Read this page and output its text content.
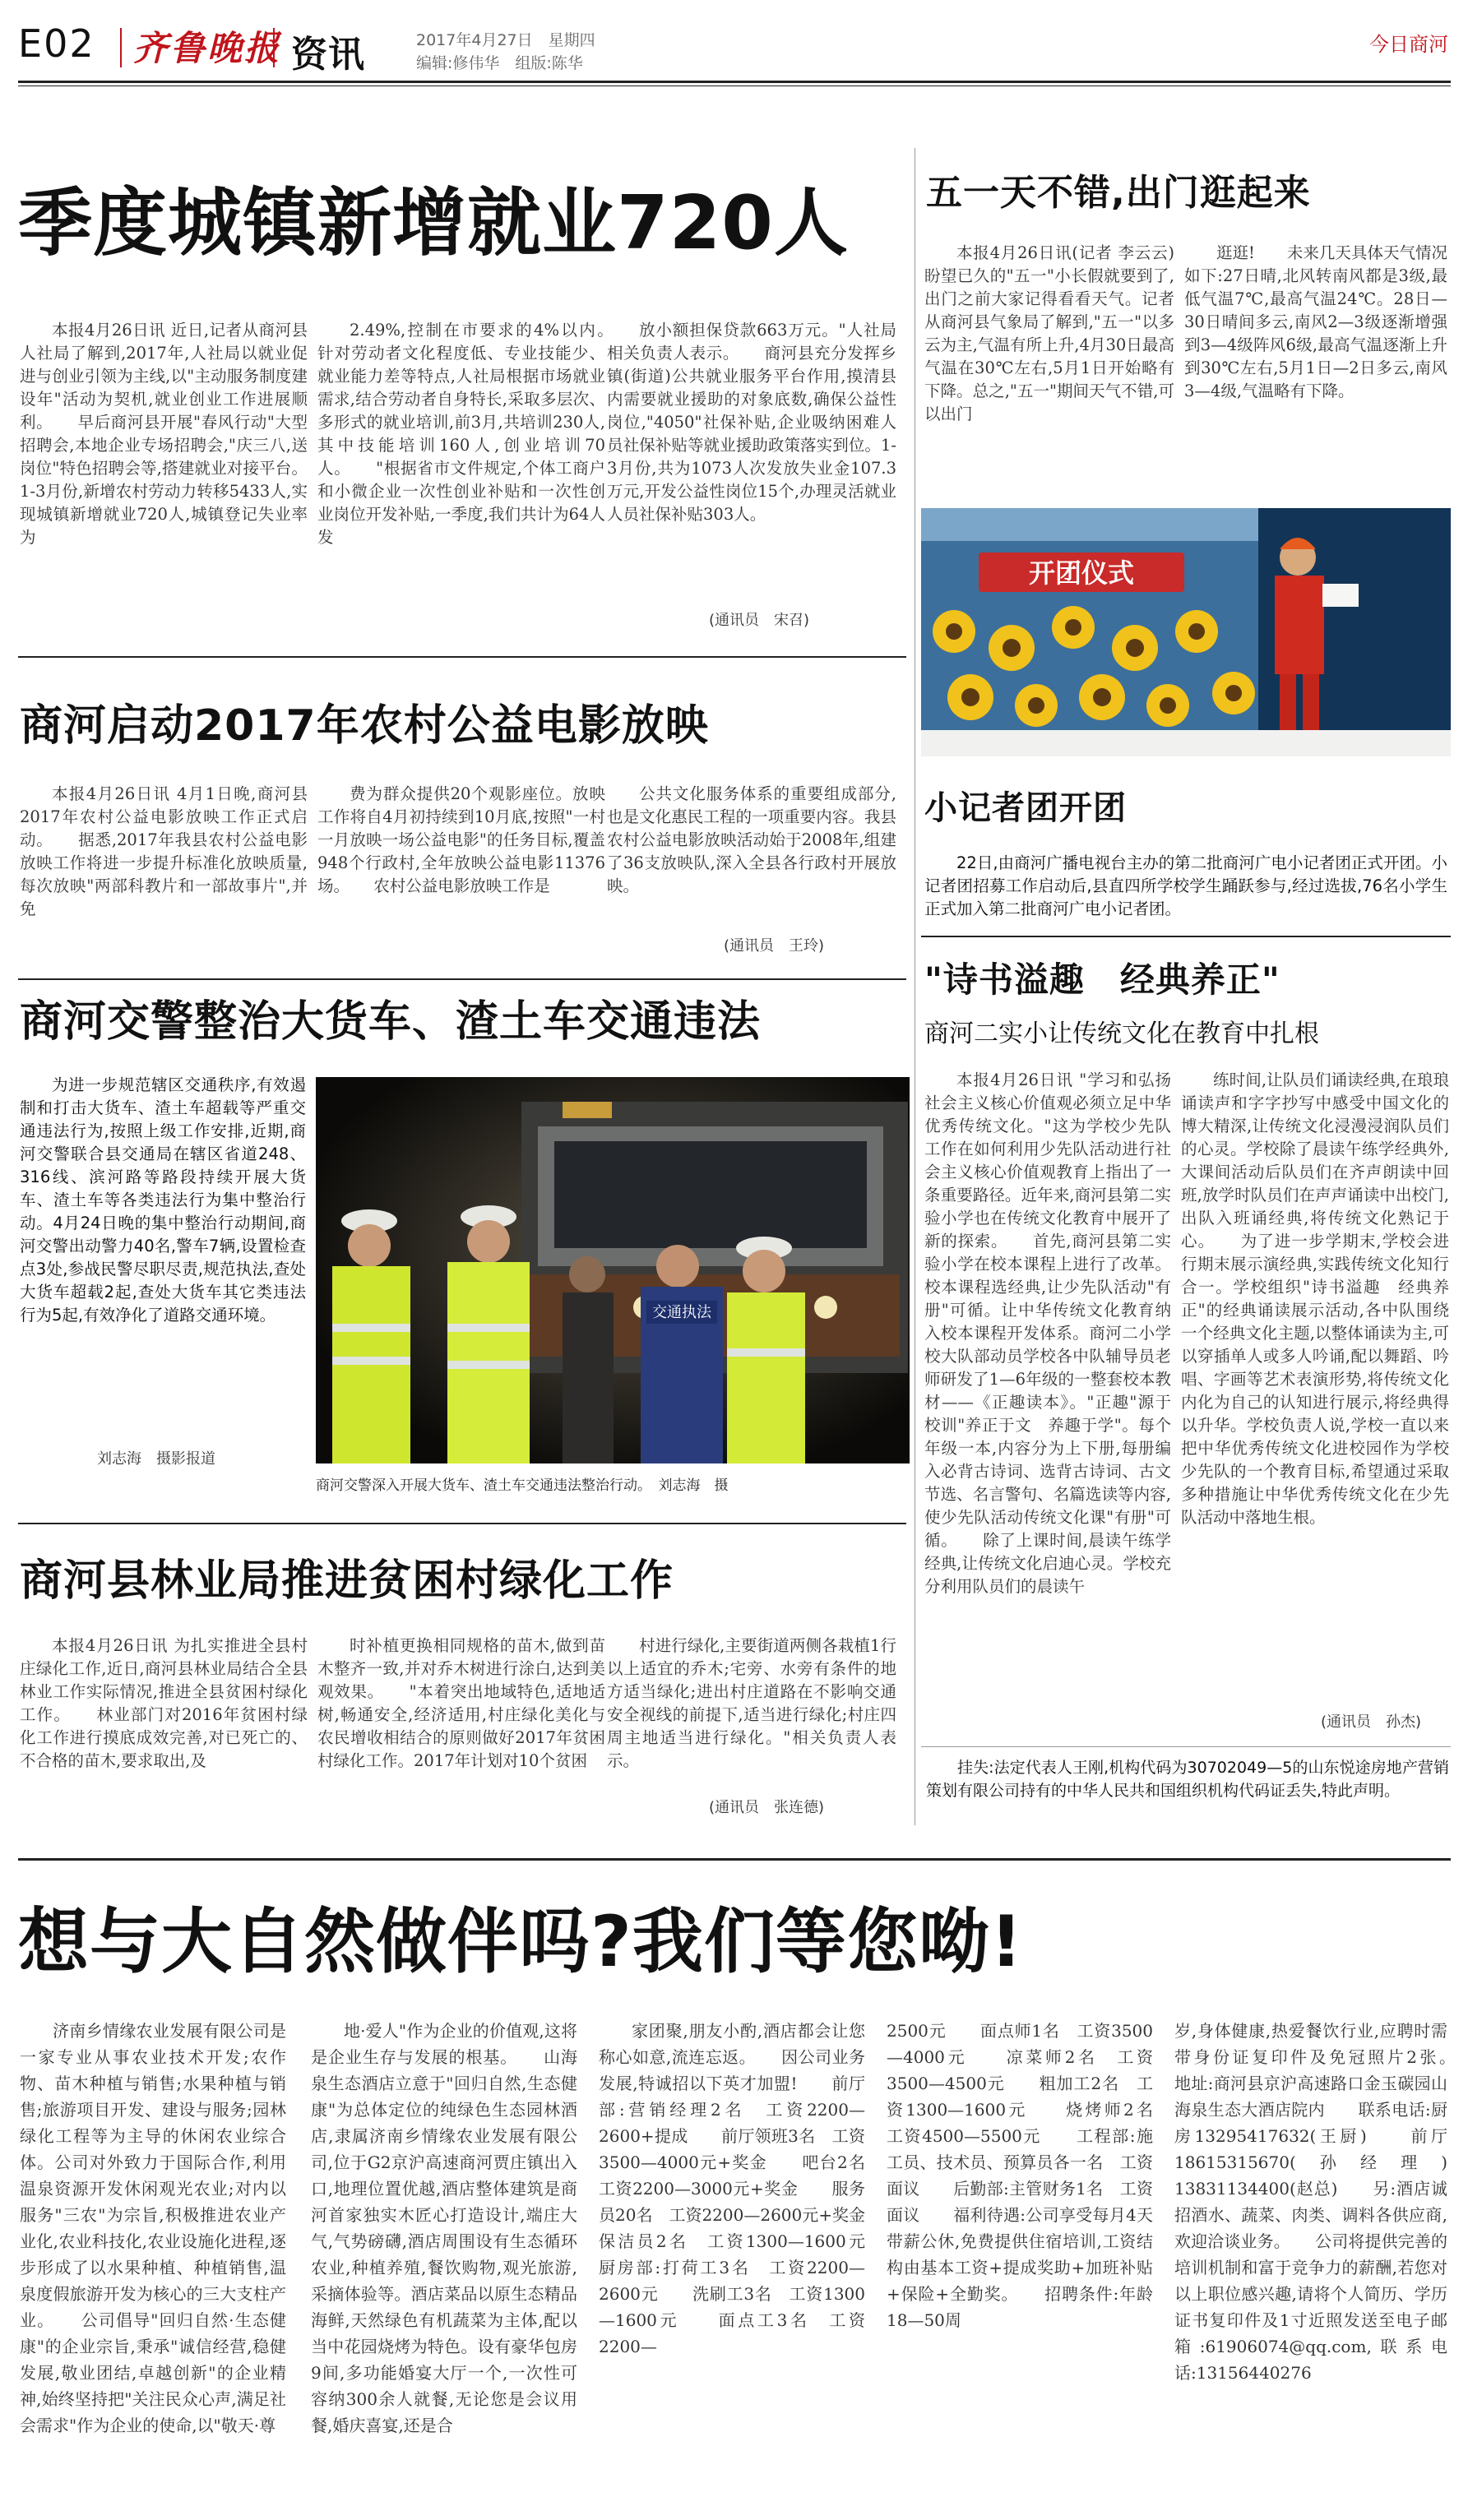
E02 齐鲁晚报 资讯	2017年4月27日　星期四
编辑:修伟华　组版:陈华
今日商河
季度城镇新增就业720人
本报4月26日讯 近日,记者从商河县人社局了解到,2017年,人社局以就业促进与创业引领为主线,以"主动服务制度建设年"活动为契机,就业创业工作进展顺利。　　早后商河县开展"春风行动"大型招聘会,本地企业专场招聘会,"庆三八,送岗位"特色招聘会等,搭建就业对接平台。1-3月份,新增农村劳动力转移5433人,实现城镇新增就业720人,城镇登记失业率为
2.49%,控制在市要求的4%以内。　　针对劳动者文化程度低、专业技能少、就业能力差等特点,人社局根据市场就业需求,结合劳动者自身特长,采取多层次、多形式的就业培训,前3月,共培训230人,其中技能培训160人,创业培训70人。　　"根据省市文件规定,个体工商户和小微企业一次性创业补贴和一次性创业岗位开发补贴,一季度,我们共计为64人发
放小额担保贷款663万元。"人社局相关负责人表示。　　商河县充分发挥乡镇(街道)公共就业服务平台作用,摸清县内需要就业援助的对象底数,确保公益性岗位,"4050"社保补贴,企业吸纳困难人员社保补贴等就业援助政策落实到位。1-3月份,共为1073人次发放失业金107.3万元,开发公益性岗位15个,办理灵活就业人员社保补贴303人。
(通讯员　宋召)
商河启动2017年农村公益电影放映
本报4月26日讯 4月1日晚,商河县2017年农村公益电影放映工作正式启动。　　据悉,2017年我县农村公益电影放映工作将进一步提升标准化放映质量,每次放映"两部科教片和一部故事片",并免
费为群众提供20个观影座位。放映工作将自4月初持续到10月底,按照"一村一月放映一场公益电影"的任务目标,覆盖948个行政村,全年放映公益电影11376场。　　农村公益电影放映工作是
公共文化服务体系的重要组成部分,也是文化惠民工程的一项重要内容。我县农村公益电影放映活动始于2008年,组建了36支放映队,深入全县各行政村开展放映。
(通讯员　王玲)
商河交警整治大货车、渣土车交通违法
为进一步规范辖区交通秩序,有效遏制和打击大货车、渣土车超载等严重交通违法行为,按照上级工作安排,近期,商河交警联合县交通局在辖区省道248、316线、滨河路等路段持续开展大货车、渣土车等各类违法行为集中整治行动。4月24日晚的集中整治行动期间,商河交警出动警力40名,警车7辆,设置检查点3处,参战民警尽职尽责,规范执法,查处大货车超载2起,查处大货车其它类违法行为5起,有效净化了道路交通环境。
刘志海　摄影报道
交通执法
商河交警深入开展大货车、渣土车交通违法整治行动。　刘志海　摄
商河县林业局推进贫困村绿化工作
本报4月26日讯 为扎实推进全县村庄绿化工作,近日,商河县林业局结合全县林业工作实际情况,推进全县贫困村绿化工作。　　林业部门对2016年贫困村绿化工作进行摸底成效完善,对已死亡的、不合格的苗木,要求取出,及
时补植更换相同规格的苗木,做到苗木整齐一致,并对乔木树进行涂白,达到美观效果。　　"本着突出地域特色,适地适树,畅通安全,经济适用,村庄绿化美化与农民增收相结合的原则做好2017年贫困村绿化工作。2017年计划对10个贫困
村进行绿化,主要街道两侧各栽植1行以上适宜的乔木;宅旁、水旁有条件的地方适当绿化;进出村庄道路在不影响交通安全视线的前提下,适当进行绿化;村庄四周主地适当进行绿化。"相关负责人表示。
(通讯员　张连德)
五一天不错,出门逛起来
本报4月26日讯(记者 李云云) 盼望已久的"五一"小长假就要到了,出门之前大家记得看看天气。记者从商河县气象局了解到,"五一"以多云为主,气温有所上升,4月30日最高气温在30℃左右,5月1日开始略有下降。总之,"五一"期间天气不错,可以出门
逛逛!　　未来几天具体天气情况如下:27日晴,北风转南风都是3级,最低气温7℃,最高气温24℃。28日—30日晴间多云,南风2—3级逐渐增强到3—4级阵风6级,最高气温逐渐上升到30℃左右,5月1日—2日多云,南风3—4级,气温略有下降。
开团仪式
小记者团开团
22日,由商河广播电视台主办的第二批商河广电小记者团正式开团。小记者团招募工作启动后,县直四所学校学生踊跃参与,经过选拔,76名小学生正式加入第二批商河广电小记者团。
"诗书溢趣　经典养正"
商河二实小让传统文化在教育中扎根
本报4月26日讯 "学习和弘扬社会主义核心价值观必须立足中华优秀传统文化。"这为学校少先队工作在如何利用少先队活动进行社会主义核心价值观教育上指出了一条重要路径。近年来,商河县第二实验小学也在传统文化教育中展开了新的探索。　　首先,商河县第二实验小学在校本课程上进行了改革。校本课程选经典,让少先队活动"有册"可循。让中华传统文化教育纳入校本课程开发体系。商河二小学校大队部动员学校各中队辅导员老师研发了1—6年级的一整套校本教材——《正趣读本》。"正趣"源于校训"养正于文　养趣于学"。每个年级一本,内容分为上下册,每册编入必背古诗词、选背古诗词、古文节选、名言警句、名篇选读等内容,使少先队活动传统文化课"有册"可循。　　除了上课时间,晨读午练学经典,让传统文化启迪心灵。学校充分利用队员们的晨读午
练时间,让队员们诵读经典,在琅琅诵读声和字字抄写中感受中国文化的博大精深,让传统文化浸漫浸润队员们的心灵。学校除了晨读午练学经典外,大课间活动后队员们在齐声朗读中回班,放学时队员们在声声诵读中出校门,出队入班诵经典,将传统文化熟记于心。　　为了进一步学期末,学校会进行期末展示演经典,实践传统文化知行合一。学校组织"诗书溢趣　经典养正"的经典诵读展示活动,各中队围绕一个经典文化主题,以整体诵读为主,可以穿插单人或多人吟诵,配以舞蹈、吟唱、字画等艺术表演形势,将传统文化内化为自己的认知进行展示,将经典得以升华。学校负责人说,学校一直以来把中华优秀传统文化进校园作为学校少先队的一个教育目标,希望通过采取多种措施让中华优秀传统文化在少先队活动中落地生根。
(通讯员　孙杰)
挂失:法定代表人王刚,机构代码为30702049—5的山东悦途房地产营销策划有限公司持有的中华人民共和国组织机构代码证丢失,特此声明。
想与大自然做伴吗?我们等您呦!
济南乡情缘农业发展有限公司是一家专业从事农业技术开发;农作物、苗木种植与销售;水果种植与销售;旅游项目开发、建设与服务;园林绿化工程等为主导的休闲农业综合体。公司对外致力于国际合作,利用温泉资源开发休闲观光农业;对内以服务"三农"为宗旨,积极推进农业产业化,农业科技化,农业设施化进程,逐步形成了以水果种植、种植销售,温泉度假旅游开发为核心的三大支柱产业。　　公司倡导"回归自然·生态健康"的企业宗旨,秉承"诚信经营,稳健发展,敬业团结,卓越创新"的企业精神,始终坚持把"关注民众心声,满足社会需求"作为企业的使命,以"敬天·尊
地·爱人"作为企业的价值观,这将是企业生存与发展的根基。　　山海泉生态酒店立意于"回归自然,生态健康"为总体定位的纯绿色生态园林酒店,隶属济南乡情缘农业发展有限公司,位于G2京沪高速商河贾庄镇出入口,地理位置优越,酒店整体建筑是商河首家独实木匠心打造设计,端庄大气,气势磅礴,酒店周围设有生态循环农业,种植养殖,餐饮购物,观光旅游,采摘体验等。酒店菜品以原生态精品海鲜,天然绿色有机蔬菜为主体,配以当中花园烧烤为特色。设有豪华包房9间,多功能婚宴大厅一个,一次性可容纳300余人就餐,无论您是会议用餐,婚庆喜宴,还是合
家团聚,朋友小酌,酒店都会让您称心如意,流连忘返。　　因公司业务发展,特诚招以下英才加盟!　　前厅部:营销经理2名　工资2200—2600+提成　　前厅领班3名　工资3500—4000元+奖金　　吧台2名　工资2200—3000元+奖金　　服务员20名　工资2200—2600元+奖金　　保洁员2名　工资1300—1600元　　厨房部:打荷工3名　工资2200—2600元　　洗刷工3名　工资1300—1600元　　面点工3名　工资2200—
2500元　　面点师1名　工资3500—4000元　　凉菜师2名　工资3500—4500元　　粗加工2名　工资1300—1600元　　烧烤师2名　工资4500—5500元　　工程部:施工员、技术员、预算员各一名　工资面议　　后勤部:主管财务1名　工资面议　　福利待遇:公司享受每月4天带薪公休,免费提供住宿培训,工资结构由基本工资+提成奖助+加班补贴+保险+全勤奖。　　招聘条件:年龄18—50周
岁,身体健康,热爱餐饮行业,应聘时需带身份证复印件及免冠照片2张。　　地址:商河县京沪高速路口金玉碳园山海泉生态大酒店院内　　联系电话:厨房13295417632(王厨)　　前厅18615315670(孙经理)　13831134400(赵总)　　另:酒店诚招酒水、蔬菜、肉类、调料各供应商,欢迎洽谈业务。　　公司将提供完善的培训机制和富于竞争力的薪酬,若您对以上职位感兴趣,请将个人简历、学历证书复印件及1寸近照发送至电子邮箱:61906074@qq.com,联系电话:13156440276
